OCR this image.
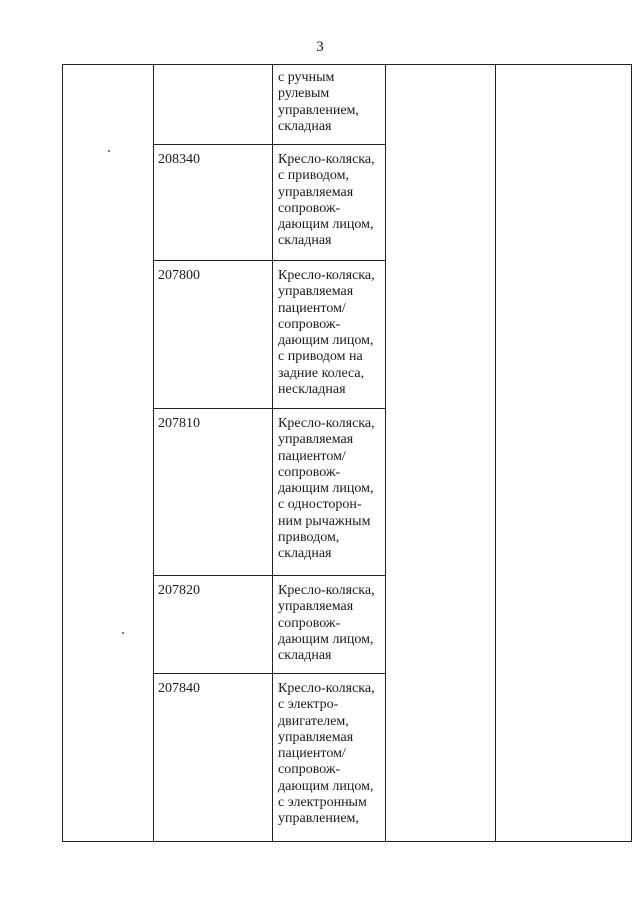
3
с ручным
рулевым
управлением,
складная
208340	Кресло-коляска,
с приводом,
управляемая
сопровож-
дающим лицом,
складная
207800	Кресло-коляска,
управляемая
пациентом/
сопровож-
дающим лицом,
с приводом на
задние колеса,
нескладная
207810	Кресло-коляска,
управляемая
пациентом/
сопровож-
дающим лицом,
с односторон-
ним рычажным
приводом,
складная
207820	Кресло-коляска,
управляемая
сопровож-
дающим лицом,
складная
207840	Кресло-коляска,
с электро-
двигателем,
управляемая
пациентом/
сопровож-
дающим лицом,
с электронным
управлением,
